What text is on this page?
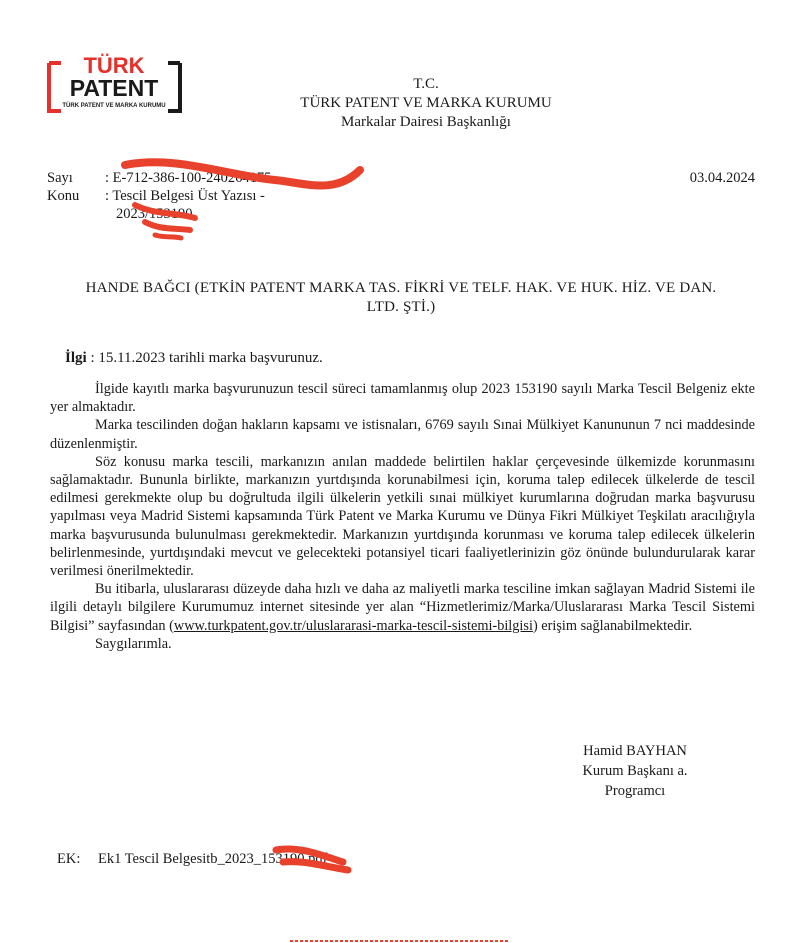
TÜRK
PATENT
TÜRK PATENT VE MARKA KURUMU
T.C.
TÜRK PATENT VE MARKA KURUMU
Markalar Dairesi Başkanlığı
Sayı : E-712-386-100-240264175
Konu : Tescil Belgesi Üst Yazısı -
2023/153190
03.04.2024
HANDE BAĞCI (ETKİN PATENT MARKA TAS. FİKRİ VE TELF. HAK. VE HUK. HİZ. VE DAN.
LTD. ŞTİ.)
İlgi : 15.11.2023 tarihli marka başvurunuz.

İlgide kayıtlı marka başvurunuzun tescil süreci tamamlanmış olup 2023 153190 sayılı Marka Tescil Belgeniz ekte yer almaktadır.

Marka tescilinden doğan hakların kapsamı ve istisnaları, 6769 sayılı Sınai Mülkiyet Kanununun 7 nci maddesinde düzenlenmiştir.

Söz konusu marka tescili, markanızın anılan maddede belirtilen haklar çerçevesinde ülkemizde korunmasını sağlamaktadır. Bununla birlikte, markanızın yurtdışında korunabilmesi için, koruma talep edilecek ülkelerde de tescil edilmesi gerekmekte olup bu doğrultuda ilgili ülkelerin yetkili sınai mülkiyet kurumlarına doğrudan marka başvurusu yapılması veya Madrid Sistemi kapsamında Türk Patent ve Marka Kurumu ve Dünya Fikri Mülkiyet Teşkilatı aracılığıyla marka başvurusunda bulunulması gerekmektedir. Markanızın yurtdışında korunması ve koruma talep edilecek ülkelerin belirlenmesinde, yurtdışındaki mevcut ve gelecekteki potansiyel ticari faaliyetlerinizin göz önünde bulundurularak karar verilmesi önerilmektedir.

Bu itibarla, uluslararası düzeyde daha hızlı ve daha az maliyetli marka tesciline imkan sağlayan Madrid Sistemi ile ilgili detaylı bilgilere Kurumumuz internet sitesinde yer alan “Hizmetlerimiz/Marka/Uluslararası Marka Tescil Sistemi Bilgisi” sayfasından (www.turkpatent.gov.tr/uluslararasi-marka-tescil-sistemi-bilgisi) erişim sağlanabilmektedir.

Saygılarımla.

Hamid BAYHAN
Kurum Başkanı a.
Programcı
EK: Ek1 Tescil Belgesitb_2023_153190.pdf
